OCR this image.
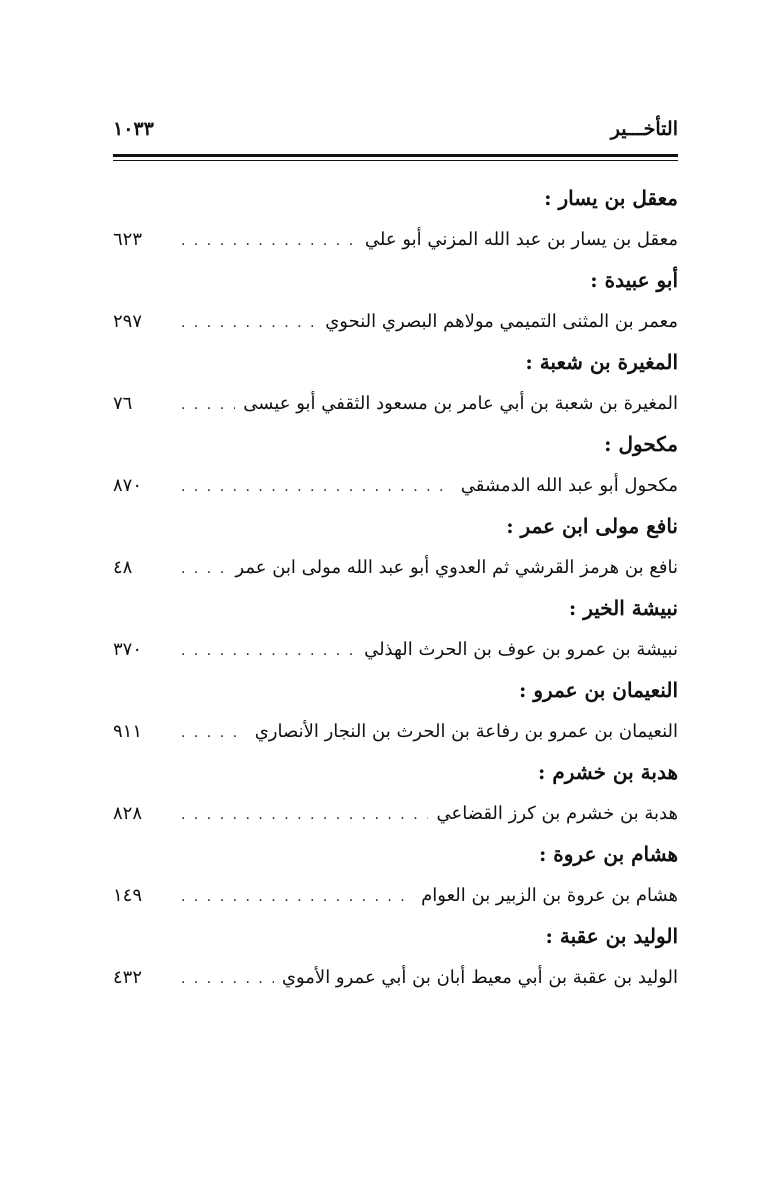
التأخـــير
١٠٣٣
معقل بن يسار :
معقل بن يسار بن عبد الله المزني أبو علي
. . .
٦٢٣
أبو عبيدة :
معمر بن المثنى التميمي مولاهم البصري النحوي
. . .
٢٩٧
المغيرة بن شعبة :
المغيرة بن شعبة بن أبي عامر بن مسعود الثقفي أبو عيسى
. . .
٧٦
مكحول :
مكحول أبو عبد الله الدمشقي
. . .
٨٧٠
نافع مولى ابن عمر :
نافع بن هرمز القرشي ثم العدوي أبو عبد الله مولى ابن عمر
. . .
٤٨
نبيشة الخير :
نبيشة بن عمرو بن عوف بن الحرث الهذلي
. . .
٣٧٠
النعيمان بن عمرو :
النعيمان بن عمرو بن رفاعة بن الحرث بن النجار الأنصاري
. . .
٩١١
هدبة بن خشرم :
هدبة بن خشرم بن كرز القضاعي
. . .
٨٢٨
هشام بن عروة :
هشام بن عروة بن الزبير بن العوام
. . .
١٤٩
الوليد بن عقبة :
الوليد بن عقبة بن أبي معيط أبان بن أبي عمرو الأموي
. . .
٤٣٢
